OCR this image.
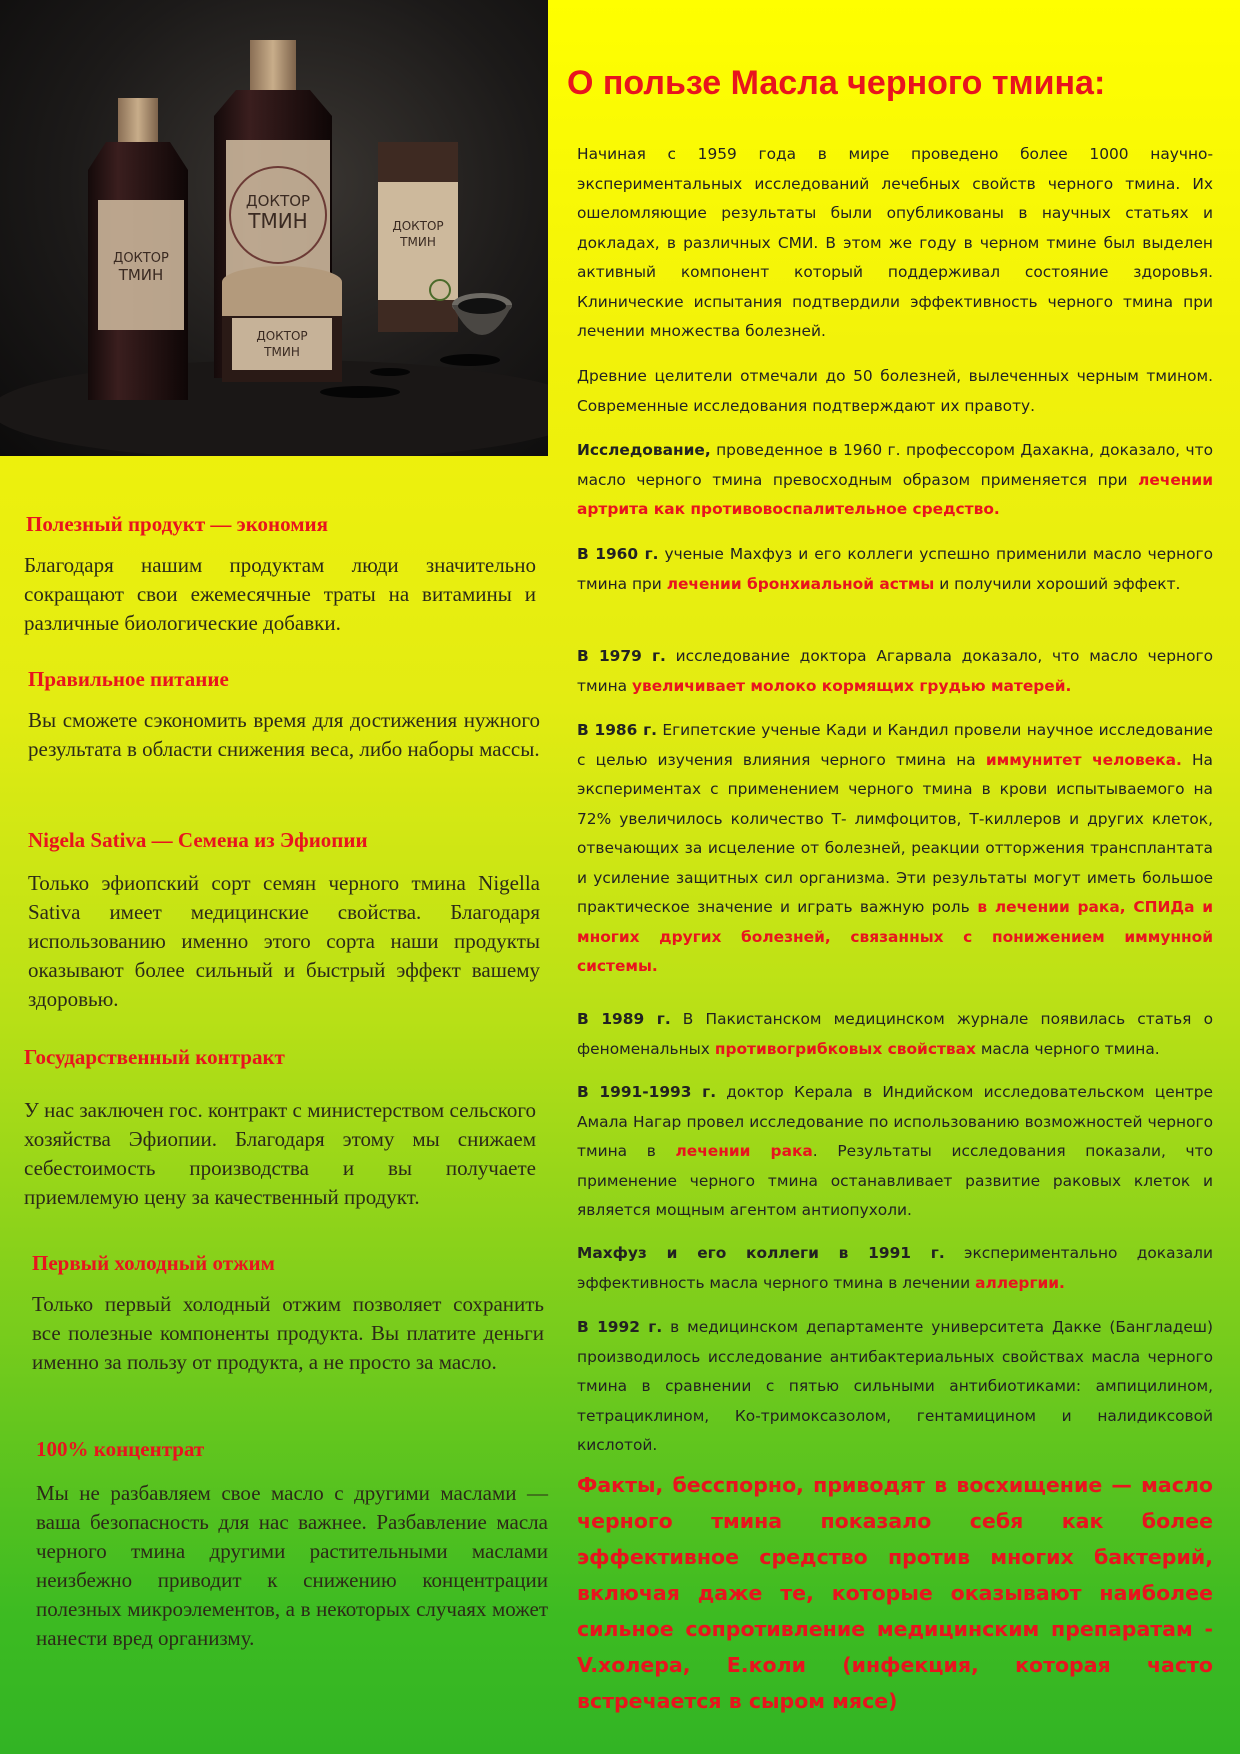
ДОКТОР
ТМИН
ДОКТОР
ТМИН	ДОКТОР
ТМИН
ДОКТОР
ТМИН
Полезный продукт — экономия

Благодаря нашим продуктам люди значительно сокращают свои ежемесячные траты на витамины и различные биологические добавки.

Правильное питание

Вы сможете сэкономить время для достижения нужного результата в области снижения веса, либо наборы массы.

Nigela Sativa — Семена из Эфиопии

Только эфиопский сорт семян черного тмина Nigella Sativa имеет медицинские свойства. Благодаря использованию именно этого сорта наши продукты оказывают более сильный и быстрый эффект вашему здоровью.

Государственный контракт

У нас заключен гос. контракт с министерством сельского хозяйства Эфиопии. Благодаря этому мы снижаем себестоимость производства и вы получаете приемлемую цену за качественный продукт.

Первый холодный отжим

Только первый холодный отжим позволяет сохранить все полезные компоненты продукта. Вы платите деньги именно за пользу от продукта, а не просто за масло.

100% концентрат

Мы не разбавляем свое масло с другими маслами — ваша безопасность для нас важнее. Разбавление масла черного тмина другими растительными маслами неизбежно приводит к снижению концентрации полезных микроэлементов, а в некоторых случаях может нанести вред организму.

О пользе Масла черного тмина:

Начиная с 1959 года в мире проведено более 1000 научно-экспериментальных исследований лечебных свойств черного тмина. Их ошеломляющие результаты были опубликованы в научных статьях и докладах, в различных СМИ. В этом же году в черном тмине был выделен активный компонент который поддерживал состояние здоровья. Клинические испытания подтвердили эффективность черного тмина при лечении множества болезней.

Древние целители отмечали до 50 болезней, вылеченных черным тмином. Современные исследования подтверждают их правоту.

Исследование, проведенное в 1960 г. профессором Дахакна, доказало, что масло черного тмина превосходным образом применяется при лечении артрита как противовоспалительное средство.

В 1960 г. ученые Махфуз и его коллеги успешно применили масло черного тмина при лечении бронхиальной астмы и получили хороший эффект.

В 1979 г. исследование доктора Агарвала доказало, что масло черного тмина увеличивает молоко кормящих грудью матерей.

В 1986 г. Египетские ученые Кади и Кандил провели научное исследование с целью изучения влияния черного тмина на иммунитет человека. На экспериментах с применением черного тмина в крови испытываемого на 72% увеличилось количество Т- лимфоцитов, Т-киллеров и других клеток, отвечающих за исцеление от болезней, реакции отторжения трансплантата и усиление защитных сил организма. Эти результаты могут иметь большое практическое значение и играть важную роль в лечении рака, СПИДа и многих других болезней, связанных с понижением иммунной системы.

В 1989 г. В Пакистанском медицинском журнале появилась статья о феноменальных противогрибковых свойствах масла черного тмина.

В 1991-1993 г. доктор Керала в Индийском исследовательском центре Амала Нагар провел исследование по использованию возможностей черного тмина в лечении рака. Результаты исследования показали, что применение черного тмина останавливает развитие раковых клеток и является мощным агентом антиопухоли.

Махфуз и его коллеги в 1991 г. экспериментально доказали эффективность масла черного тмина в лечении аллергии.

В 1992 г. в медицинском департаменте университета Дакке (Бангладеш) производилось исследование антибактериальных свойствах масла черного тмина в сравнении с пятью сильными антибиотиками: ампицилином, тетрациклином, Ко-тримоксазолом, гентамицином и налидиксовой кислотой.

Факты, бесспорно, приводят в восхищение — масло черного тмина показало себя как более эффективное средство против многих бактерий, включая даже те, которые оказывают наиболее сильное сопротивление медицинским препаратам - V.холера, E.коли (инфекция, которая часто встречается в сыром мясе)
